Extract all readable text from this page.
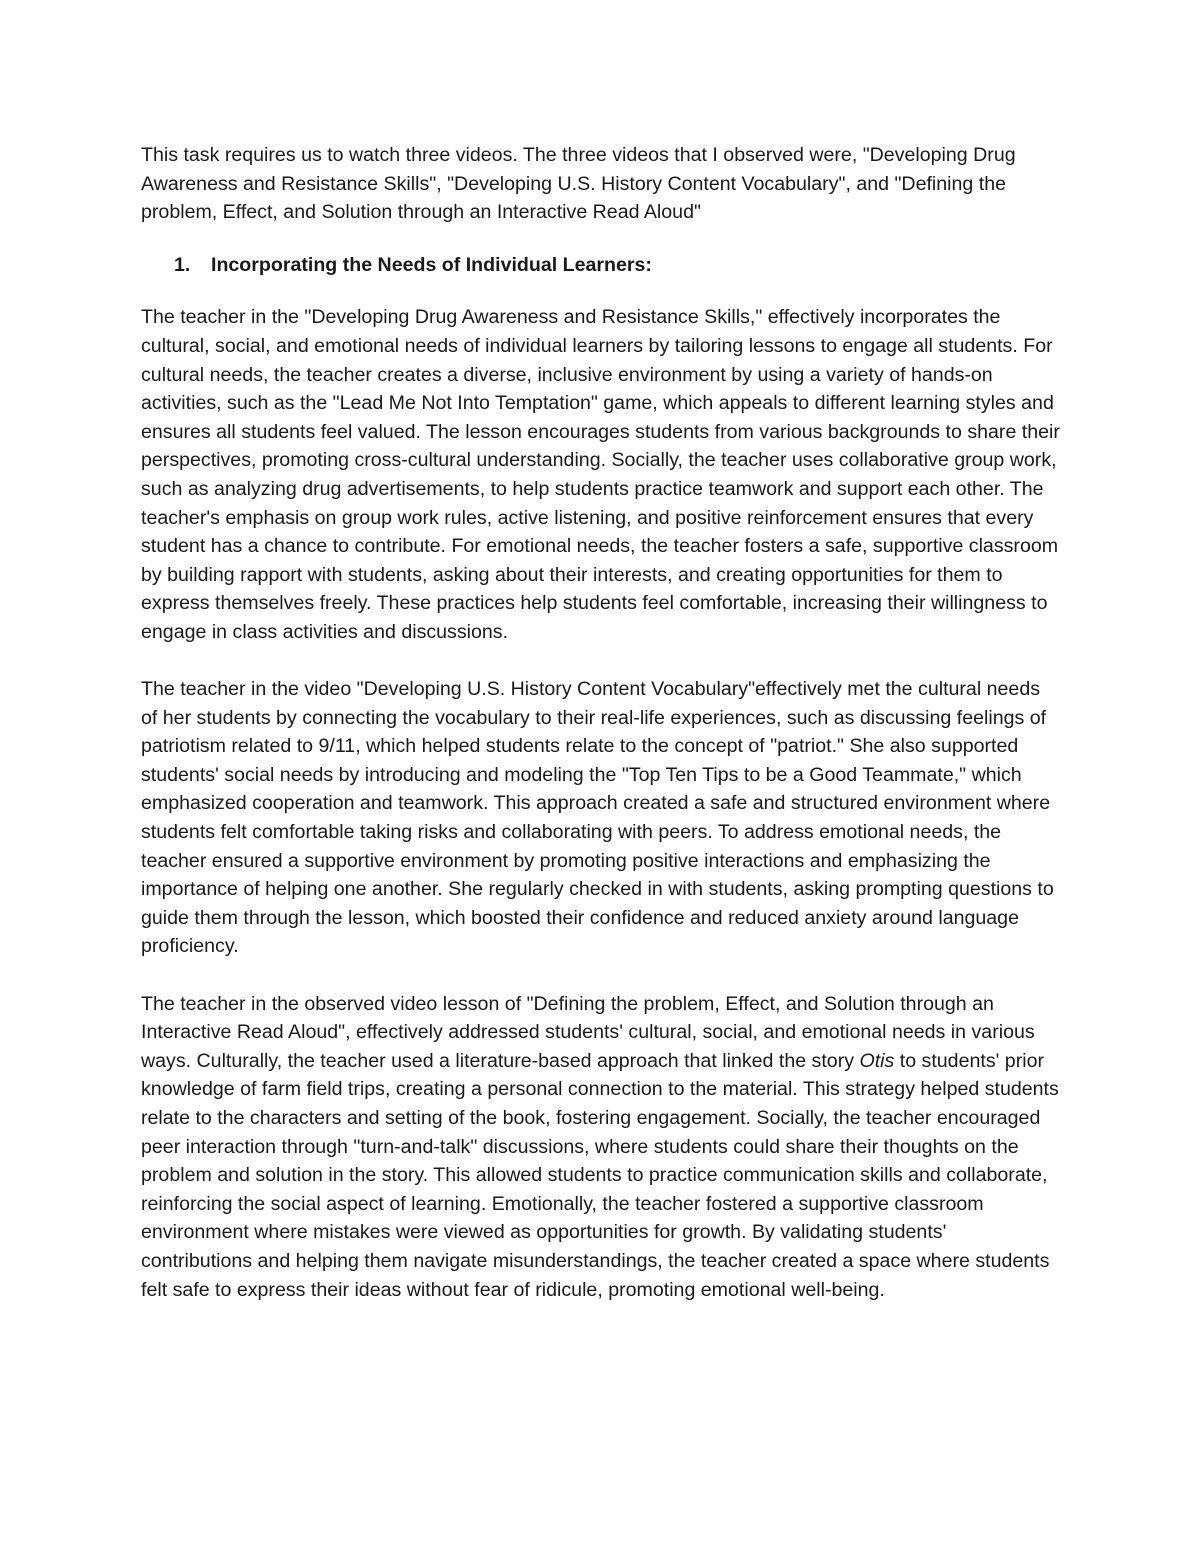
This task requires us to watch three videos. The three videos that I observed were, "Developing Drug Awareness and Resistance Skills", "Developing U.S. History Content Vocabulary", and "Defining the problem, Effect, and Solution through an Interactive Read Aloud"

1. Incorporating the Needs of Individual Learners:

The teacher in the "Developing Drug Awareness and Resistance Skills," effectively incorporates the cultural, social, and emotional needs of individual learners by tailoring lessons to engage all students. For cultural needs, the teacher creates a diverse, inclusive environment by using a variety of hands-on activities, such as the "Lead Me Not Into Temptation" game, which appeals to different learning styles and ensures all students feel valued. The lesson encourages students from various backgrounds to share their perspectives, promoting cross-cultural understanding. Socially, the teacher uses collaborative group work, such as analyzing drug advertisements, to help students practice teamwork and support each other. The teacher's emphasis on group work rules, active listening, and positive reinforcement ensures that every student has a chance to contribute. For emotional needs, the teacher fosters a safe, supportive classroom by building rapport with students, asking about their interests, and creating opportunities for them to express themselves freely. These practices help students feel comfortable, increasing their willingness to engage in class activities and discussions.

The teacher in the video "Developing U.S. History Content Vocabulary"effectively met the cultural needs of her students by connecting the vocabulary to their real-life experiences, such as discussing feelings of patriotism related to 9/11, which helped students relate to the concept of "patriot." She also supported students' social needs by introducing and modeling the "Top Ten Tips to be a Good Teammate," which emphasized cooperation and teamwork. This approach created a safe and structured environment where students felt comfortable taking risks and collaborating with peers. To address emotional needs, the teacher ensured a supportive environment by promoting positive interactions and emphasizing the importance of helping one another. She regularly checked in with students, asking prompting questions to guide them through the lesson, which boosted their confidence and reduced anxiety around language proficiency.

The teacher in the observed video lesson of "Defining the problem, Effect, and Solution through an Interactive Read Aloud", effectively addressed students' cultural, social, and emotional needs in various ways. Culturally, the teacher used a literature-based approach that linked the story Otis to students' prior knowledge of farm field trips, creating a personal connection to the material. This strategy helped students relate to the characters and setting of the book, fostering engagement. Socially, the teacher encouraged peer interaction through "turn-and-talk" discussions, where students could share their thoughts on the problem and solution in the story. This allowed students to practice communication skills and collaborate, reinforcing the social aspect of learning. Emotionally, the teacher fostered a supportive classroom environment where mistakes were viewed as opportunities for growth. By validating students' contributions and helping them navigate misunderstandings, the teacher created a space where students felt safe to express their ideas without fear of ridicule, promoting emotional well-being.
